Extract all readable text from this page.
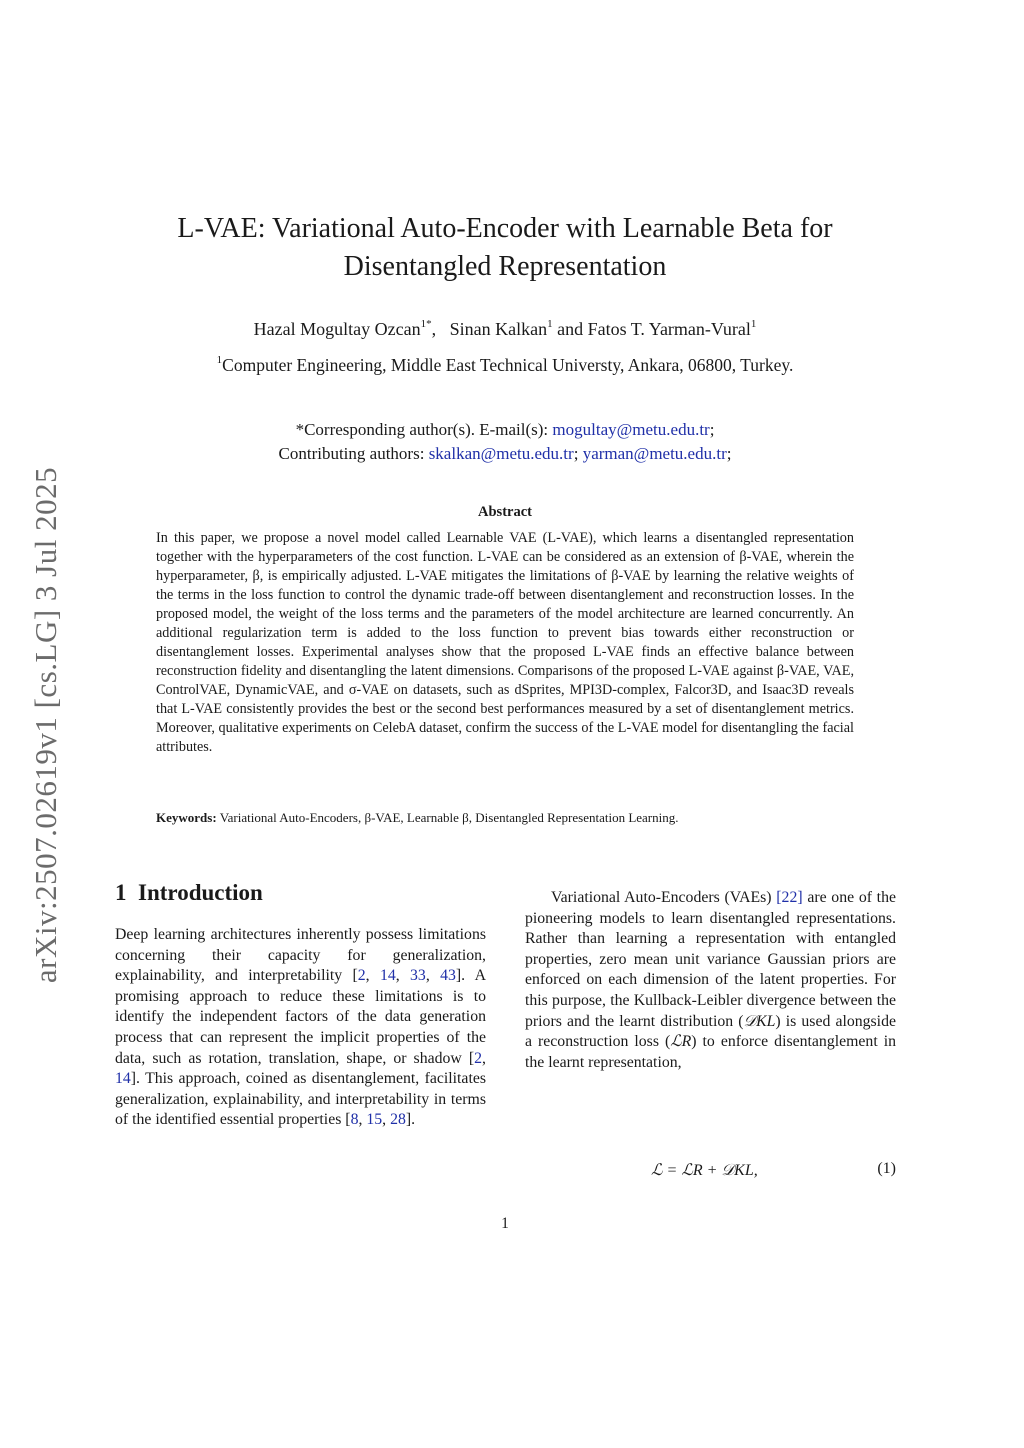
arXiv:2507.02619v1 [cs.LG] 3 Jul 2025
L-VAE: Variational Auto-Encoder with Learnable Beta for
Disentangled Representation
Hazal Mogultay Ozcan$^{1*}$, Sinan Kalkan$^1$ and Fatos T. Yarman-Vural$^1$
$^1$Computer Engineering, Middle East Technical Universty, Ankara, 06800, Turkey.
*Corresponding author(s). E-mail(s): mogultay@metu.edu.tr;
Contributing authors: skalkan@metu.edu.tr; yarman@metu.edu.tr;
Abstract

In this paper, we propose a novel model called Learnable VAE (L-VAE), which learns a disentangled representation together with the hyperparameters of the cost function. L-VAE can be considered as an extension of β-VAE, wherein the hyperparameter, β, is empirically adjusted. L-VAE mitigates the limitations of β-VAE by learning the relative weights of the terms in the loss function to control the dynamic trade-off between disentanglement and reconstruction losses. In the proposed model, the weight of the loss terms and the parameters of the model architecture are learned concurrently. An additional regularization term is added to the loss function to prevent bias towards either reconstruction or disentanglement losses. Experimental analyses show that the proposed L-VAE finds an effective balance between reconstruction fidelity and disentangling the latent dimensions. Comparisons of the proposed L-VAE against β-VAE, VAE, ControlVAE, DynamicVAE, and σ-VAE on datasets, such as dSprites, MPI3D-complex, Falcor3D, and Isaac3D reveals that L-VAE consistently provides the best or the second best performances measured by a set of disentanglement metrics. Moreover, qualitative experiments on CelebA dataset, confirm the success of the L-VAE model for disentangling the facial attributes.

Keywords: Variational Auto-Encoders, β-VAE, Learnable β, Disentangled Representation Learning.
1 Introduction

Deep learning architectures inherently possess limitations concerning their capacity for generalization, explainability, and interpretability [2, 14, 33, 43]. A promising approach to reduce these limitations is to identify the independent factors of the data generation process that can represent the implicit properties of the data, such as rotation, translation, shape, or shadow [2, 14]. This approach, coined as disentanglement, facilitates generalization, explainability, and interpretability in terms of the identified essential properties [8, 15, 28].

Variational Auto-Encoders (VAEs) [22] are one of the pioneering models to learn disentangled representations. Rather than learning a representation with entangled properties, zero mean unit variance Gaussian priors are enforced on each dimension of the latent properties. For this purpose, the Kullback-Leibler divergence between the priors and the learnt distribution (𝒟KL) is used alongside a reconstruction loss (ℒR) to enforce disentanglement in the learnt representation,

ℒ = ℒR + 𝒟KL,	(1)
1
